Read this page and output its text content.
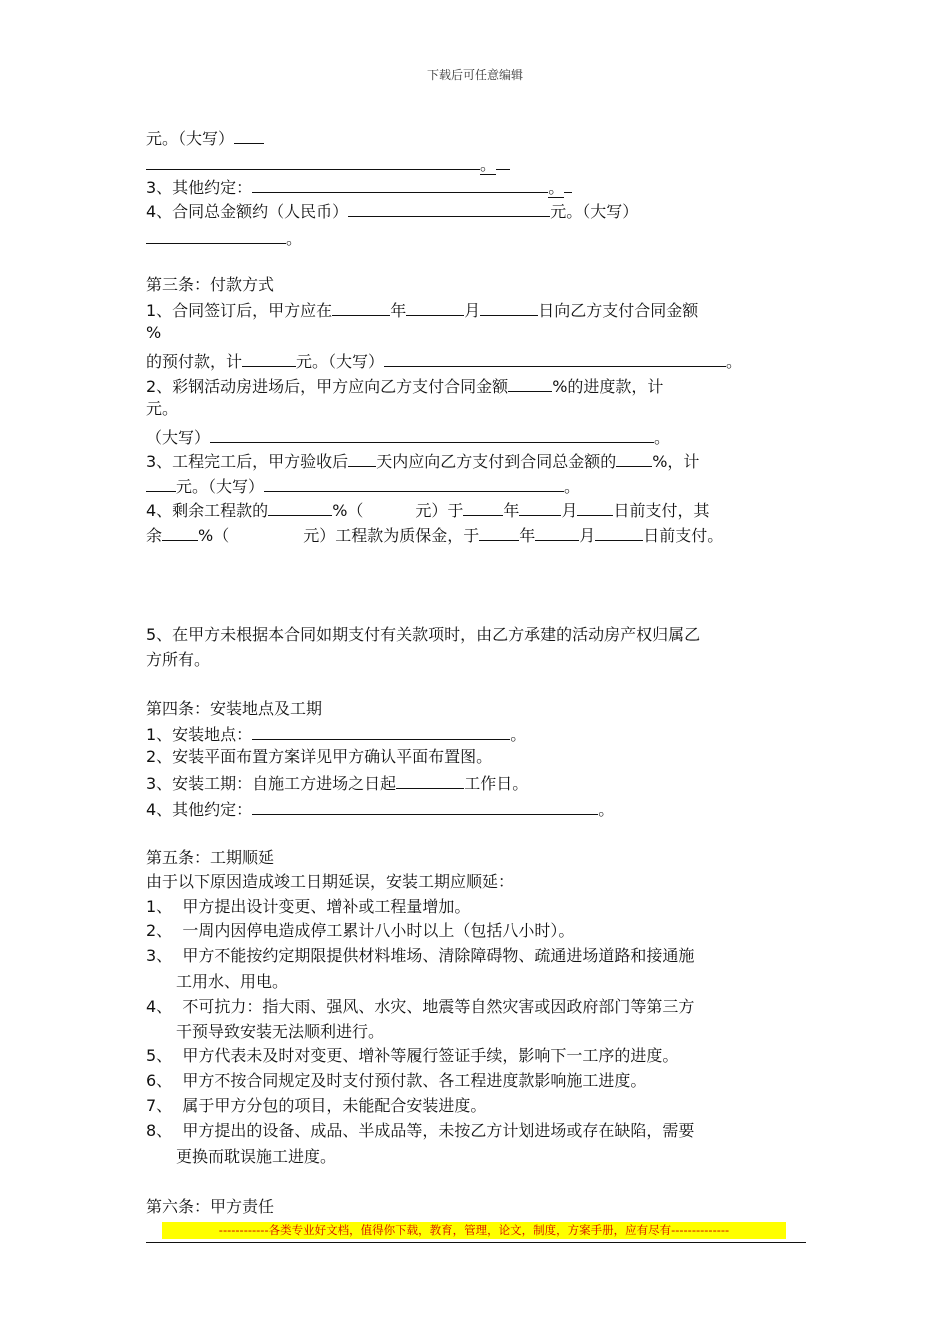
下载后可任意编辑
元。（大写）
。
3、其他约定：	。
4、合同总金额约（人民币）	元。（大写）
。
第三条：付款方式
1、合同签订后，甲方应在	年	月	日向乙方支付合同金额
%
的预付款，计	元。（大写）	。
2、彩钢活动房进场后，甲方应向乙方支付合同金额	%的进度款，计
元。
（大写）	。
3、工程完工后，甲方验收后 天内应向乙方支付到合同总金额的 %，计
元。（大写）	。
4、剩余工程款的	%（	元）于	年	月 日前支付，其
余 %（	元）工程款为质保金，于	年	月	日前支付。
5、在甲方未根据本合同如期支付有关款项时，由乙方承建的活动房产权归属乙
方所有。
第四条：安装地点及工期
1、安装地点：	。
2、安装平面布置方案详见甲方确认平面布置图。
3、安装工期：自施工方进场之日起	工作日。
4、其他约定：	。
第五条：工期顺延
由于以下原因造成竣工日期延误，安装工期应顺延：
1、  甲方提出设计变更、增补或工程量增加。
2、  一周内因停电造成停工累计八小时以上（包括八小时）。
3、  甲方不能按约定期限提供材料堆场、清除障碍物、疏通进场道路和接通施
工用水、用电。
4、  不可抗力：指大雨、强风、水灾、地震等自然灾害或因政府部门等第三方
干预导致安装无法顺利进行。
5、  甲方代表未及时对变更、增补等履行签证手续，影响下一工序的进度。
6、  甲方不按合同规定及时支付预付款、各工程进度款影响施工进度。
7、  属于甲方分包的项目，未能配合安装进度。
8、  甲方提出的设备、成品、半成品等，未按乙方计划进场或存在缺陷，需要
更换而耽误施工进度。
第六条：甲方责任
------------各类专业好文档，值得你下载，教育，管理，论文，制度，方案手册，应有尽有--------------
